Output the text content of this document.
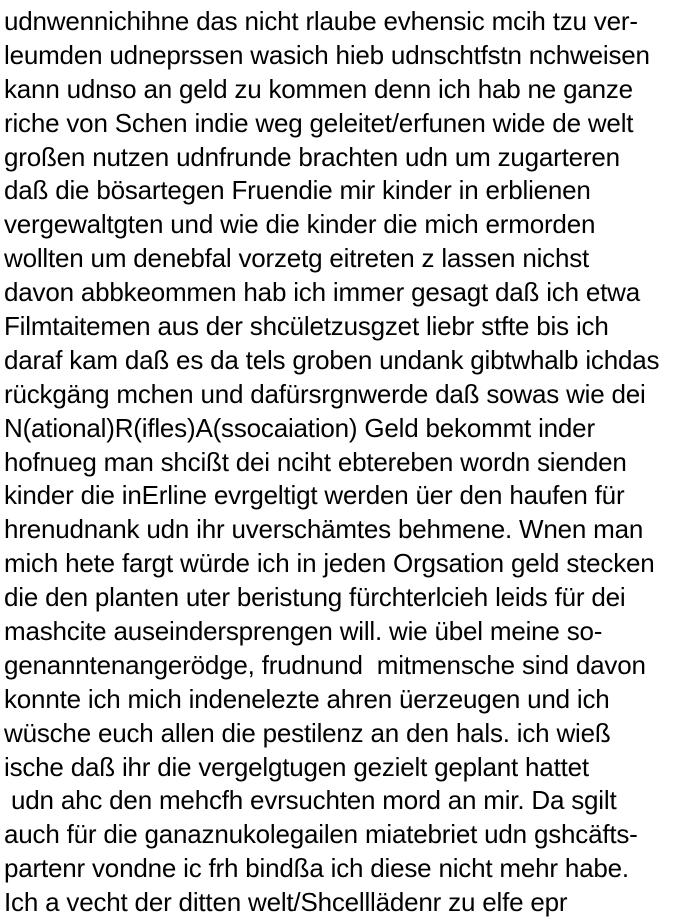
udnwennichihne das nicht rlaube evhensic mcih tzu ver-
leumden udneprssen wasich hieb udnschtfstn nchweisen
kann udnso an geld zu kommen denn ich hab ne ganze
riche von Schen indie weg geleitet/erfunen wide de welt
großen nutzen udnfrunde brachten udn um zugarteren
daß die bösartegen Fruendie mir kinder in erblienen
vergewaltgten und wie die kinder die mich ermorden
wollten um denebfal vorzetg eitreten z lassen nichst
davon abbkeommen hab ich immer gesagt daß ich etwa
Filmtaitemen aus der shcületzusgzet liebr stfte bis ich
daraf kam daß es da tels groben undank gibtwhalb ichdas
rückgäng mchen und dafürsrgnwerde daß sowas wie dei
N(ational)R(ifles)A(ssocaiation) Geld bekommt inder
hofnueg man shcißt dei nciht ebtereben wordn sienden
kinder die inErline evrgeltigt werden üer den haufen für
hrenudnank udn ihr uverschämtes behmene. Wnen man
mich hete fargt würde ich in jeden Orgsation geld stecken
die den planten uter beristung fürchterlcieh leids für dei
mashcite auseindersprengen will. wie übel meine so-
genanntenangerödge, frudnund  mitmensche sind davon
konnte ich mich indenelezte ahren üerzeugen und ich
wüsche euch allen die pestilenz an den hals. ich wieß
ische daß ihr die vergelgtugen gezielt geplant hattet
udn ahc den mehcfh evrsuchten mord an mir. Da sgilt
auch für die ganaznukolegailen miatebriet udn gshcäfts-
partenr vondne ic frh bindßa ich diese nicht mehr habe.
Ich a vecht der ditten welt/Shcelllädenr zu elfe epr
